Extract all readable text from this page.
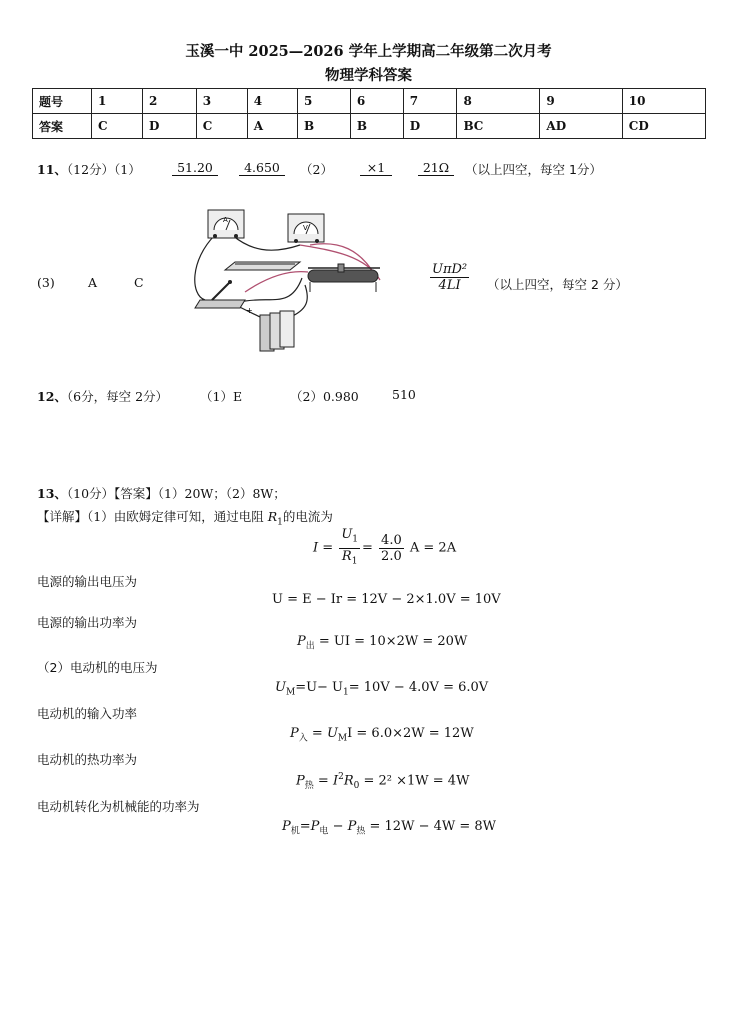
玉溪一中 2025—2026 学年上学期高二年级第二次月考
物理学科答案
题号	1	2	3	4	5	6	7	8	9	10
答案	C	D	C	A	B	B	D	BC	AD	CD
11、（12分）（1）	51.20	4.650	（2）	×1	21Ω	（以上四空，每空 1分）
(3)	A	C
A
V
+
$\frac{\text{UπD²}}{4LI}$ （以上四空，每空 2 分）
12、（6分，每空 2分）	（1）E	（2）0.980	510
13、（10分）【答案】（1）20W；（2）8W；
【详解】（1）由欧姆定律可知，通过电阻 $R_1$的电流为
$I = \frac{U_1}{R_1} = \frac{4.0}{2.0}$ A = 2A
电源的输出电压为
U = E − Ir = 12V − 2×1.0V = 10V
电源的输出功率为
$P_出$ = UI = 10×2W = 20W
（2）电动机的电压为
$U_M=U- U_1= 10V - 4.0V = 6.0V$
电动机的输入功率
$P_入 = U_MI = 6.0\times 2W = 12W$
电动机的热功率为
$P_热 = I^2R_0 = 2^2 \times 1W = 4W$
电动机转化为机械能的功率为
$P_机=P_电 - P_热 = 12W - 4W = 8W$
